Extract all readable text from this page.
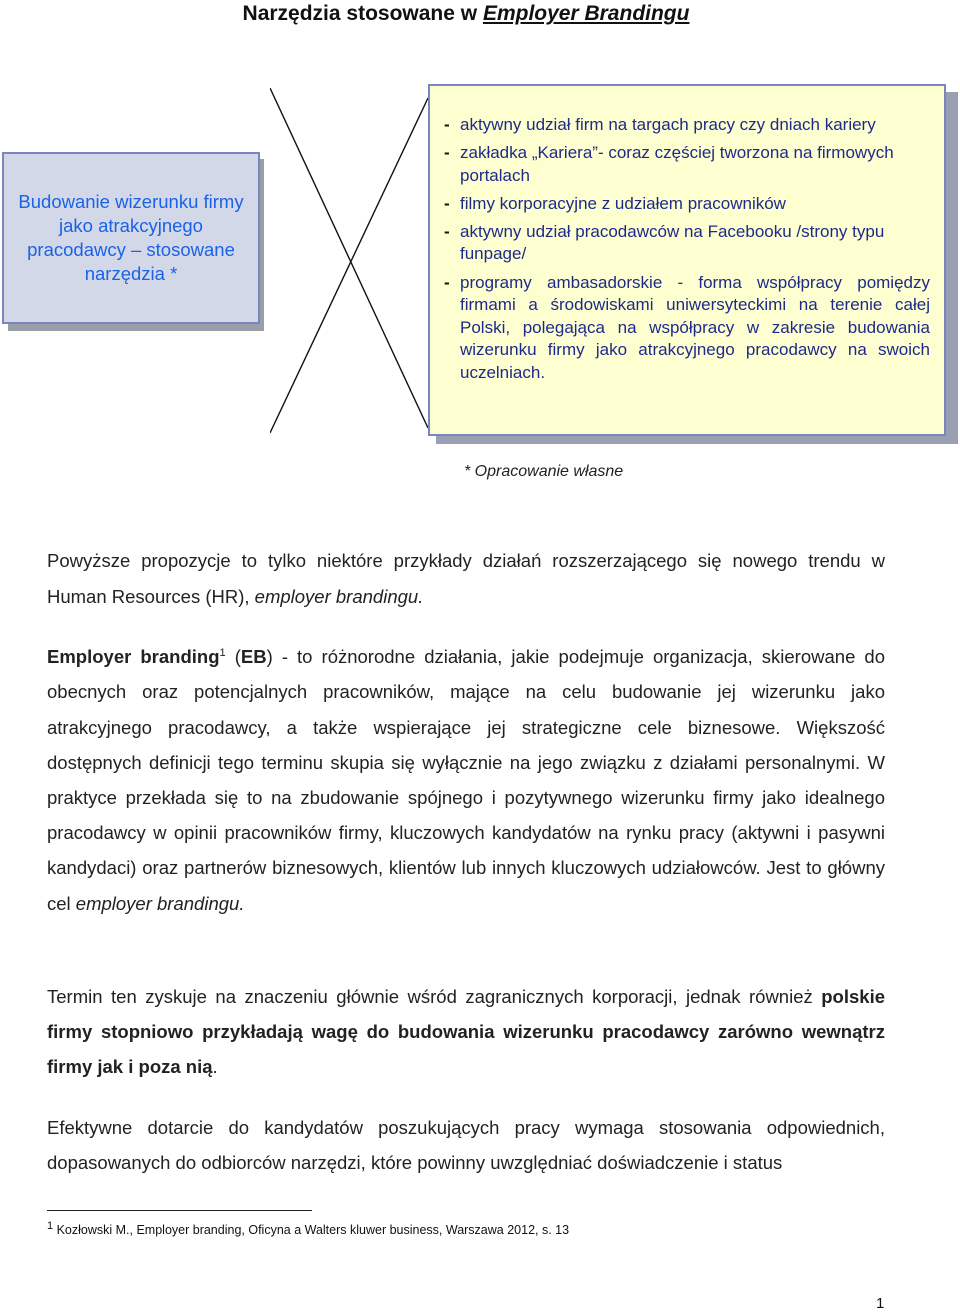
Narzędzia stosowane w Employer Brandingu
Budowanie wizerunku firmy jako atrakcyjnego pracodawcy – stosowane narzędzia *
- aktywny udział firm na targach pracy czy dniach kariery
- zakładka „Kariera”- coraz częściej tworzona na firmowych portalach
- filmy korporacyjne z udziałem pracowników
- aktywny udział pracodawców na Facebooku /strony typu funpage/
- programy ambasadorskie - forma współpracy pomiędzy firmami a środowiskami uniwersyteckimi na terenie całej Polski, polegająca na współpracy w zakresie budowania wizerunku firmy jako atrakcyjnego pracodawcy na swoich uczelniach.
* Opracowanie własne

Powyższe propozycje to tylko niektóre przykłady działań rozszerzającego się nowego trendu w Human Resources (HR), employer brandingu.

Employer branding$^1$ (EB) - to różnorodne działania, jakie podejmuje organizacja, skierowane do obecnych oraz potencjalnych pracowników, mające na celu budowanie jej wizerunku jako atrakcyjnego pracodawcy, a także wspierające jej strategiczne cele biznesowe. Większość dostępnych definicji tego terminu skupia się wyłącznie na jego związku z działami personalnymi. W praktyce przekłada się to na zbudowanie spójnego i pozytywnego wizerunku firmy jako idealnego pracodawcy w opinii pracowników firmy, kluczowych kandydatów na rynku pracy (aktywni i pasywni kandydaci) oraz partnerów biznesowych, klientów lub innych kluczowych udziałowców. Jest to główny cel employer brandingu.

Termin ten zyskuje na znaczeniu głównie wśród zagranicznych korporacji, jednak również polskie firmy stopniowo przykładają wagę do budowania wizerunku pracodawcy zarówno wewnątrz firmy jak i poza nią.

Efektywne dotarcie do kandydatów poszukujących pracy wymaga stosowania odpowiednich, dopasowanych do odbiorców narzędzi, które powinny uwzględniać doświadczenie i status

$^1$ Kozłowski M., Employer branding, Oficyna a Walters kluwer business, Warszawa 2012, s. 13
1
